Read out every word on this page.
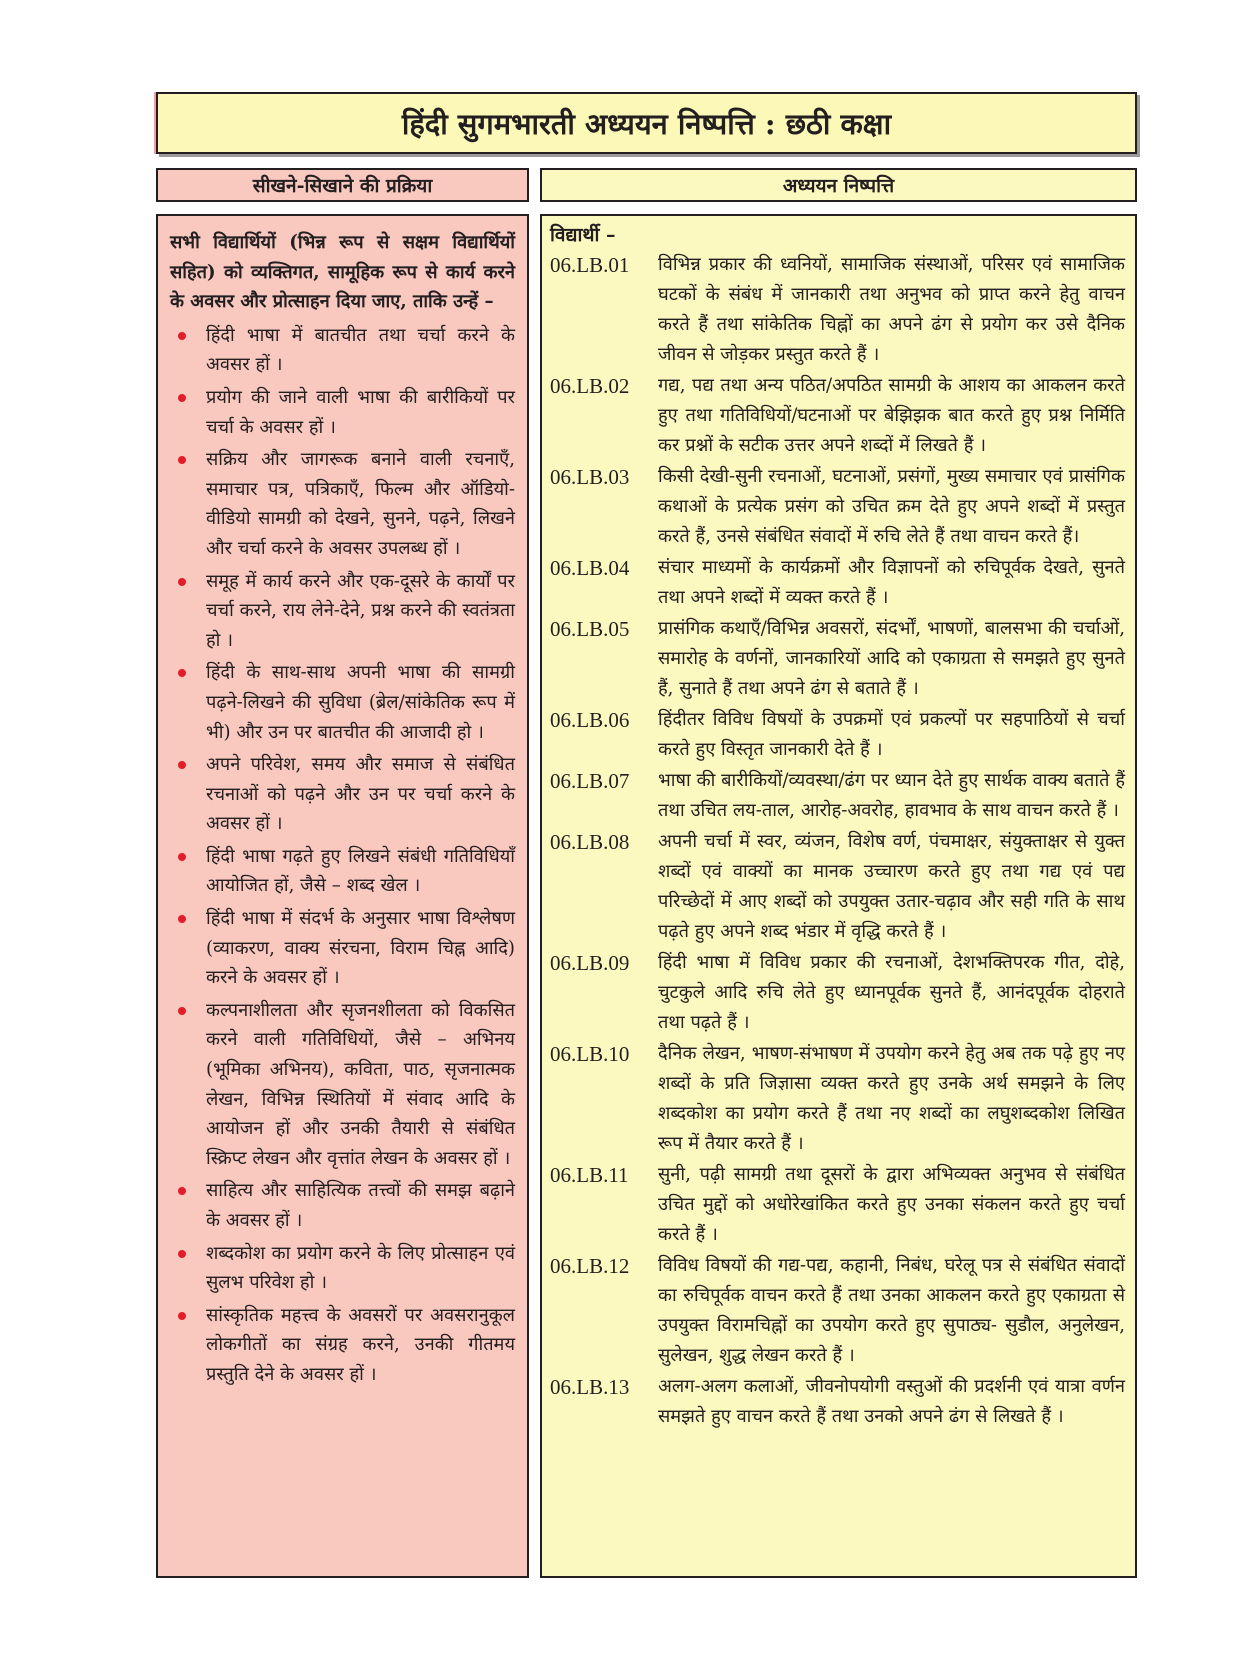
हिंदी सुगमभारती अध्ययन निष्पत्ति : छठी कक्षा
सीखने-सिखाने की प्रक्रिया	अध्ययन निष्पत्ति
सभी विद्यार्थियों (भिन्न रूप से सक्षम विद्यार्थियों सहित) को व्यक्तिगत, सामूहिक रूप से कार्य करने के अवसर और प्रोत्साहन दिया जाए, ताकि उन्हें –
हिंदी भाषा में बातचीत तथा चर्चा करने के अवसर हों ।
प्रयोग की जाने वाली भाषा की बारीकियों पर चर्चा के अवसर हों ।
सक्रिय और जागरूक बनाने वाली रचनाएँ, समाचार पत्र, पत्रिकाएँ, फिल्म और ऑडियो-वीडियो सामग्री को देखने, सुनने, पढ़ने, लिखने और चर्चा करने के अवसर उपलब्ध हों ।
समूह में कार्य करने और एक-दूसरे के कार्यों पर चर्चा करने, राय लेने-देने, प्रश्न करने की स्वतंत्रता हो ।
हिंदी के साथ-साथ अपनी भाषा की सामग्री पढ़ने-लिखने की सुविधा (ब्रेल/सांकेतिक रूप में भी) और उन पर बातचीत की आजादी हो ।
अपने परिवेश, समय और समाज से संबंधित रचनाओं को पढ़ने और उन पर चर्चा करने के अवसर हों ।
हिंदी भाषा गढ़ते हुए लिखने संबंधी गतिविधियाँ आयोजित हों, जैसे – शब्द खेल ।
हिंदी भाषा में संदर्भ के अनुसार भाषा विश्लेषण (व्याकरण, वाक्य संरचना, विराम चिह्न आदि) करने के अवसर हों ।
कल्पनाशीलता और सृजनशीलता को विकसित करने वाली गतिविधियों, जैसे – अभिनय (भूमिका अभिनय), कविता, पाठ, सृजनात्मक लेखन, विभिन्न स्थितियों में संवाद आदि के आयोजन हों और उनकी तैयारी से संबंधित स्क्रिप्ट लेखन और वृत्तांत लेखन के अवसर हों ।
साहित्य और साहित्यिक तत्त्वों की समझ बढ़ाने के अवसर हों ।
शब्दकोश का प्रयोग करने के लिए प्रोत्साहन एवं सुलभ परिवेश हो ।
सांस्कृतिक महत्त्व के अवसरों पर अवसरानुकूल लोकगीतों का संग्रह करने, उनकी गीतमय प्रस्तुति देने के अवसर हों ।
विद्यार्थी –
06.LB.01	विभिन्न प्रकार की ध्वनियों, सामाजिक संस्थाओं, परिसर एवं सामाजिक घटकों के संबंध में जानकारी तथा अनुभव को प्राप्त करने हेतु वाचन करते हैं तथा सांकेतिक चिह्नों का अपने ढंग से प्रयोग कर उसे दैनिक जीवन से जोड़कर प्रस्तुत करते हैं ।
06.LB.02	गद्य, पद्य तथा अन्य पठित/अपठित सामग्री के आशय का आकलन करते हुए तथा गतिविधियों/घटनाओं पर बेझिझक बात करते हुए प्रश्न निर्मिति कर प्रश्नों के सटीक उत्तर अपने शब्दों में लिखते हैं ।
06.LB.03	किसी देखी-सुनी रचनाओं, घटनाओं, प्रसंगों, मुख्य समाचार एवं प्रासंगिक कथाओं के प्रत्येक प्रसंग को उचित क्रम देते हुए अपने शब्दों में प्रस्तुत करते हैं, उनसे संबंधित संवादों में रुचि लेते हैं तथा वाचन करते हैं।
06.LB.04	संचार माध्यमों के कार्यक्रमों और विज्ञापनों को रुचिपूर्वक देखते, सुनते तथा अपने शब्दों में व्यक्त करते हैं ।
06.LB.05	प्रासंगिक कथाएँ/विभिन्न अवसरों, संदर्भों, भाषणों, बालसभा की चर्चाओं, समारोह के वर्णनों, जानकारियों आदि को एकाग्रता से समझते हुए सुनते हैं, सुनाते हैं तथा अपने ढंग से बताते हैं ।
06.LB.06	हिंदीतर विविध विषयों के उपक्रमों एवं प्रकल्पों पर सहपाठियों से चर्चा करते हुए विस्तृत जानकारी देते हैं ।
06.LB.07	भाषा की बारीकियों/व्यवस्था/ढंग पर ध्यान देते हुए सार्थक वाक्य बताते हैं तथा उचित लय-ताल, आरोह-अवरोह, हावभाव के साथ वाचन करते हैं ।
06.LB.08	अपनी चर्चा में स्वर, व्यंजन, विशेष वर्ण, पंचमाक्षर, संयुक्ताक्षर से युक्त शब्दों एवं वाक्यों का मानक उच्चारण करते हुए तथा गद्य एवं पद्य परिच्छेदों में आए शब्दों को उपयुक्त उतार-चढ़ाव और सही गति के साथ पढ़ते हुए अपने शब्द भंडार में वृद्धि करते हैं ।
06.LB.09	हिंदी भाषा में विविध प्रकार की रचनाओं, देशभक्तिपरक गीत, दोहे, चुटकुले आदि रुचि लेते हुए ध्यानपूर्वक सुनते हैं, आनंदपूर्वक दोहराते तथा पढ़ते हैं ।
06.LB.10	दैनिक लेखन, भाषण-संभाषण में उपयोग करने हेतु अब तक पढ़े हुए नए शब्दों के प्रति जिज्ञासा व्यक्त करते हुए उनके अर्थ समझने के लिए शब्दकोश का प्रयोग करते हैं तथा नए शब्दों का लघुशब्दकोश लिखित रूप में तैयार करते हैं ।
06.LB.11	सुनी, पढ़ी सामग्री तथा दूसरों के द्वारा अभिव्यक्त अनुभव से संबंधित उचित मुद्दों को अधोरेखांकित करते हुए उनका संकलन करते हुए चर्चा करते हैं ।
06.LB.12	विविध विषयों की गद्य-पद्य, कहानी, निबंध, घरेलू पत्र से संबंधित संवादों का रुचिपूर्वक वाचन करते हैं तथा उनका आकलन करते हुए एकाग्रता से उपयुक्त विरामचिह्नों का उपयोग करते हुए सुपाठ्य- सुडौल, अनुलेखन, सुलेखन, शुद्ध लेखन करते हैं ।
06.LB.13	अलग-अलग कलाओं, जीवनोपयोगी वस्तुओं की प्रदर्शनी एवं यात्रा वर्णन समझते हुए वाचन करते हैं तथा उनको अपने ढंग से लिखते हैं ।
